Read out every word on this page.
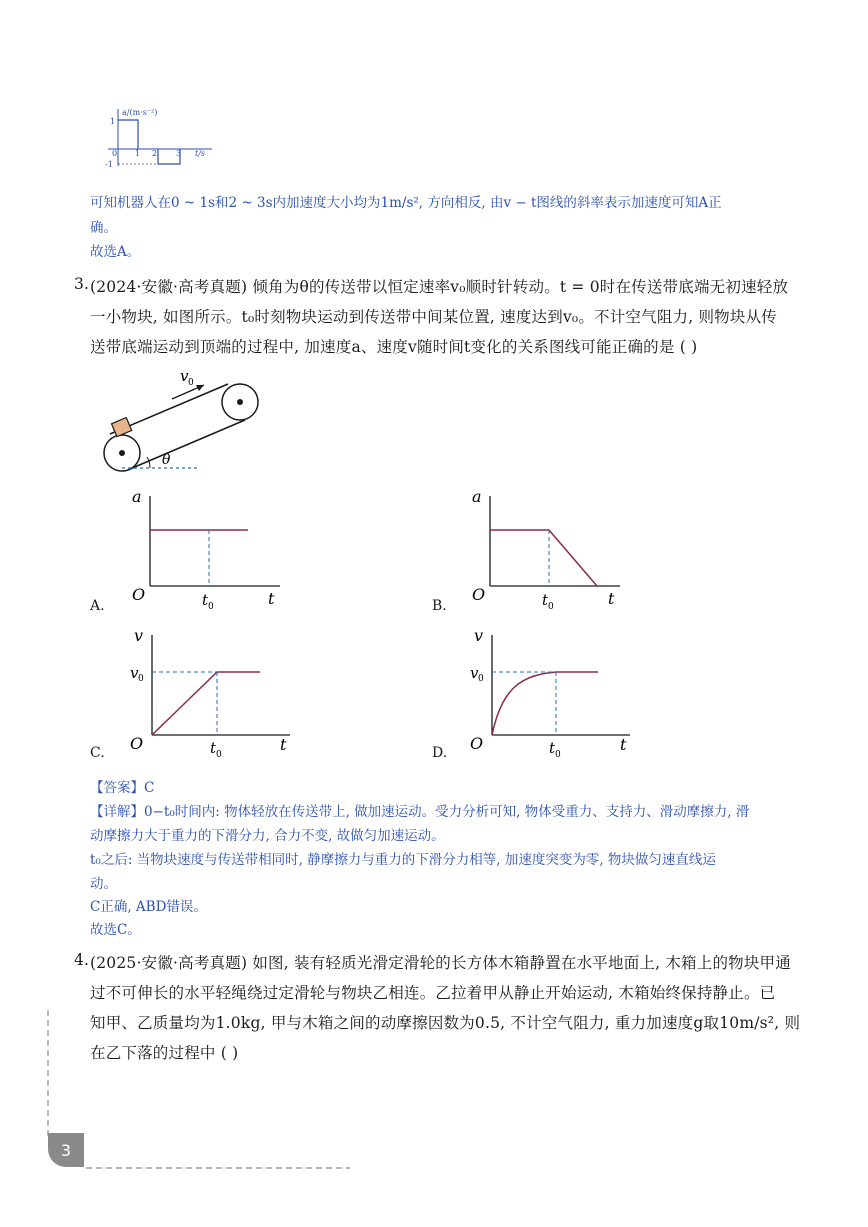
a/(m·s⁻²)
1
-1
0 1 2 3 t/s
可知机器人在0 ~ 1s和2 ~ 3s内加速度大小均为1m/s², 方向相反, 由v − t图线的斜率表示加速度可知A正
确。
故选A。
3. (2024·安徽·高考真题) 倾角为θ的传送带以恒定速率v₀顺时针转动。t = 0时在传送带底端无初速轻放
一小物块, 如图所示。t₀时刻物块运动到传送带中间某位置, 速度达到v₀。不计空气阻力, 则物块从传
送带底端运动到顶端的过程中, 加速度a、速度v随时间t变化的关系图线可能正确的是 ( )
v 0
θ
a
O	t 0	t
A.
a
O	t 0	t
B.
v
v 0
O	t 0
t
C.
v
v 0
O	t 0
t
D.
【答案】C
【详解】0−t₀时间内: 物体轻放在传送带上, 做加速运动。受力分析可知, 物体受重力、支持力、滑动摩擦力, 滑
动摩擦力大于重力的下滑分力, 合力不变, 故做匀加速运动。
t₀之后: 当物块速度与传送带相同时, 静摩擦力与重力的下滑分力相等, 加速度突变为零, 物块做匀速直线运
动。
C正确, ABD错误。
故选C。
4. (2025·安徽·高考真题) 如图, 装有轻质光滑定滑轮的长方体木箱静置在水平地面上, 木箱上的物块甲通
过不可伸长的水平轻绳绕过定滑轮与物块乙相连。乙拉着甲从静止开始运动, 木箱始终保持静止。已
知甲、乙质量均为1.0kg, 甲与木箱之间的动摩擦因数为0.5, 不计空气阻力, 重力加速度g取10m/s², 则
在乙下落的过程中 ( )
3
